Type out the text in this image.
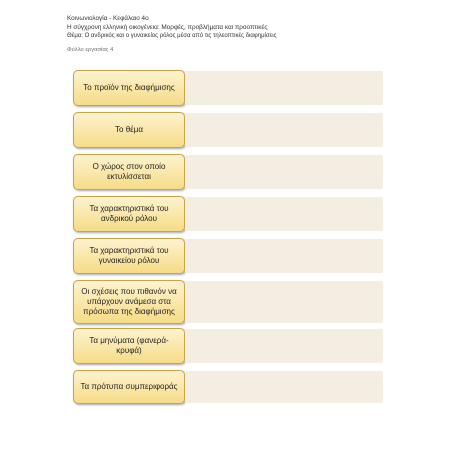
Κοινωνιολογία - Κεφάλαιο 4ο
Η σύγχρονη ελληνική οικογένεια: Μορφές, προβλήματα και προοπτικές
Θέμα: Ο ανδρικός και ο γυναικείος ρόλος μέσα από τις τηλεοπτικές διαφημίσεις
Φύλλο εργασίας 4
Το προϊόν της διαφήμισης
Το θέμα
Ο χώρος στον οποίο εκτυλίσσεται
Τα χαρακτηριστικά του ανδρικού ρόλου
Τα χαρακτηριστικά του γυναικείου ρόλου
Οι σχέσεις που πιθανόν να υπάρχουν ανάμεσα στα πρόσωπα της διαφήμισης
Τα μηνύματα (φανερά-κρυφά)
Τα πρότυπα συμπεριφοράς
